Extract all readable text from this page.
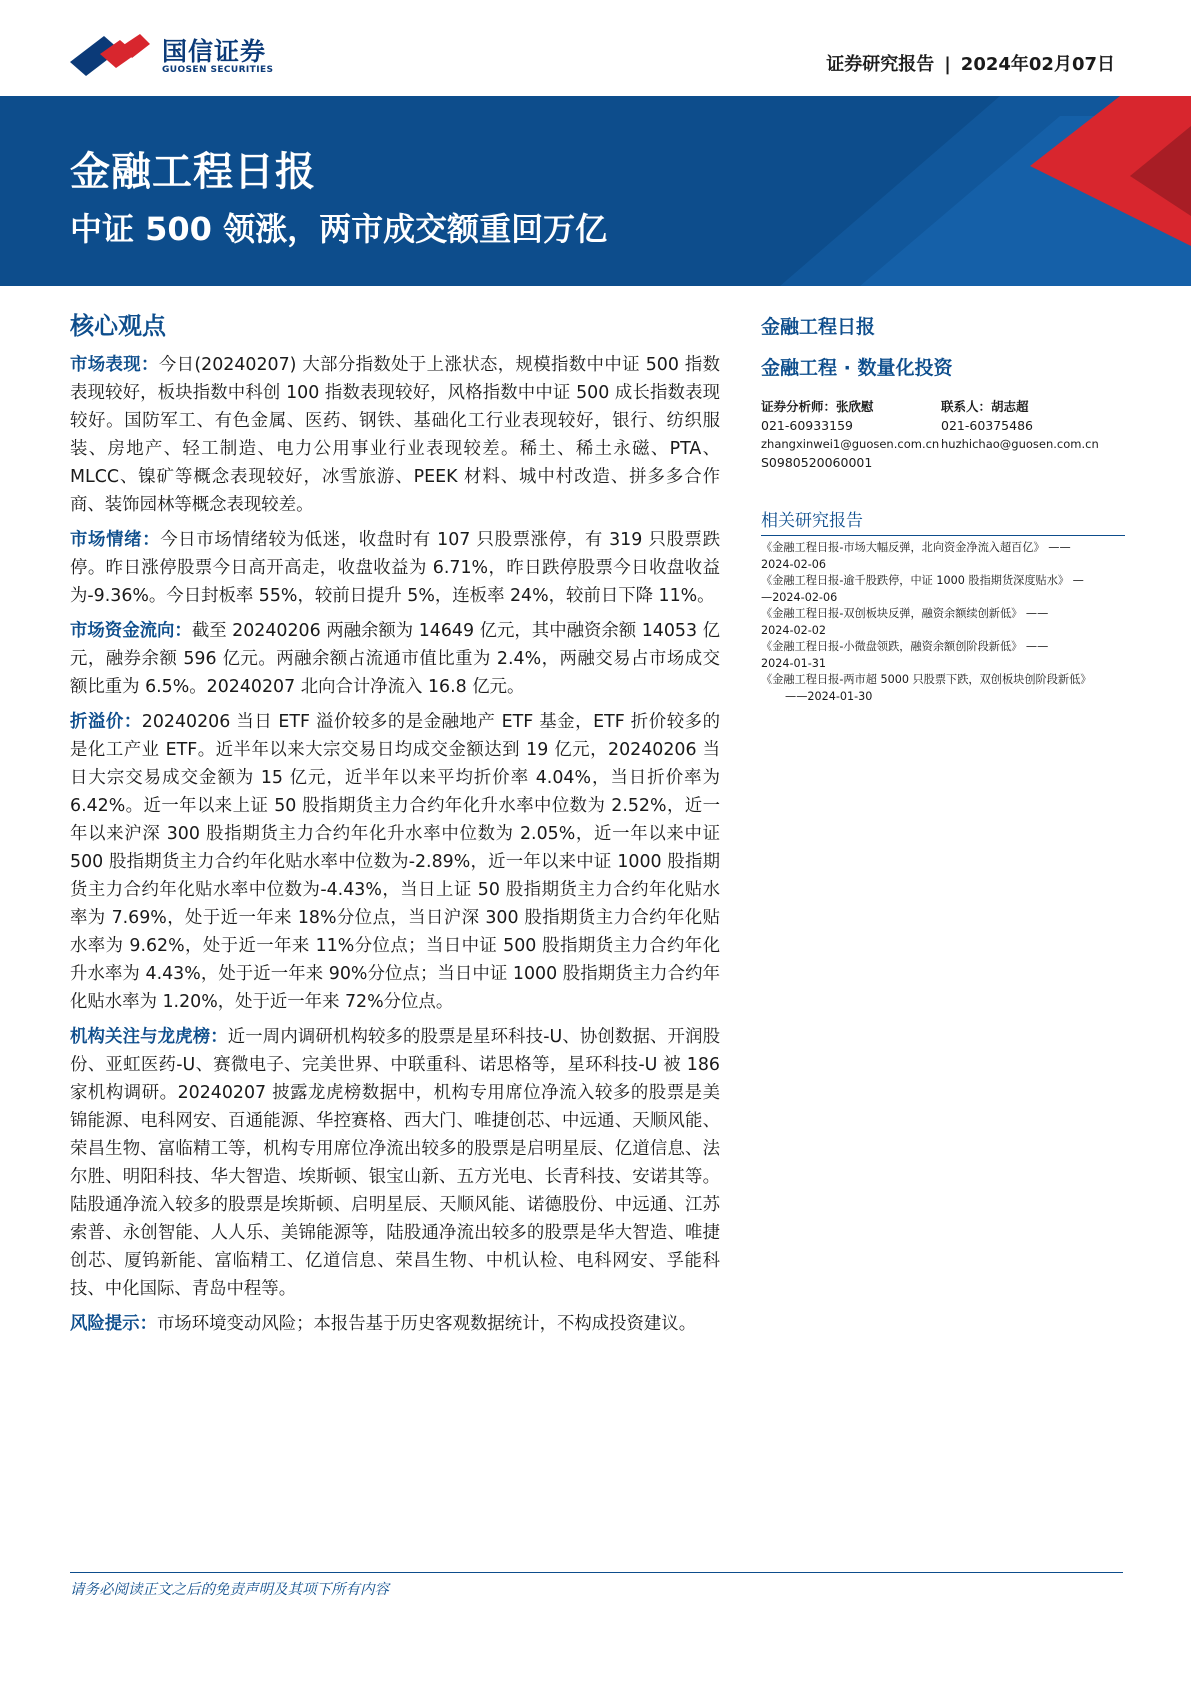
国信证券
GUOSEN SECURITIES	证券研究报告 | 2024年02月07日
金融工程日报
中证 500 领涨，两市成交额重回万亿
核心观点

市场表现：今日(20240207) 大部分指数处于上涨状态，规模指数中中证 500 指数表现较好，板块指数中科创 100 指数表现较好，风格指数中中证 500 成长指数表现较好。国防军工、有色金属、医药、钢铁、基础化工行业表现较好，银行、纺织服装、房地产、轻工制造、电力公用事业行业表现较差。稀土、稀土永磁、PTA、MLCC、镍矿等概念表现较好，冰雪旅游、PEEK 材料、城中村改造、拼多多合作商、装饰园林等概念表现较差。

市场情绪：今日市场情绪较为低迷，收盘时有 107 只股票涨停，有 319 只股票跌停。昨日涨停股票今日高开高走，收盘收益为 6.71%，昨日跌停股票今日收盘收益为-9.36%。今日封板率 55%，较前日提升 5%，连板率 24%，较前日下降 11%。

市场资金流向：截至 20240206 两融余额为 14649 亿元，其中融资余额 14053 亿元，融券余额 596 亿元。两融余额占流通市值比重为 2.4%，两融交易占市场成交额比重为 6.5%。20240207 北向合计净流入 16.8 亿元。

折溢价：20240206 当日 ETF 溢价较多的是金融地产 ETF 基金，ETF 折价较多的是化工产业 ETF。近半年以来大宗交易日均成交金额达到 19 亿元，20240206 当日大宗交易成交金额为 15 亿元，近半年以来平均折价率 4.04%，当日折价率为 6.42%。近一年以来上证 50 股指期货主力合约年化升水率中位数为 2.52%，近一年以来沪深 300 股指期货主力合约年化升水率中位数为 2.05%，近一年以来中证 500 股指期货主力合约年化贴水率中位数为-2.89%，近一年以来中证 1000 股指期货主力合约年化贴水率中位数为-4.43%，当日上证 50 股指期货主力合约年化贴水率为 7.69%，处于近一年来 18%分位点，当日沪深 300 股指期货主力合约年化贴水率为 9.62%，处于近一年来 11%分位点；当日中证 500 股指期货主力合约年化升水率为 4.43%，处于近一年来 90%分位点；当日中证 1000 股指期货主力合约年化贴水率为 1.20%，处于近一年来 72%分位点。

机构关注与龙虎榜：近一周内调研机构较多的股票是星环科技-U、协创数据、开润股份、亚虹医药-U、赛微电子、完美世界、中联重科、诺思格等，星环科技-U 被 186 家机构调研。20240207 披露龙虎榜数据中，机构专用席位净流入较多的股票是美锦能源、电科网安、百通能源、华控赛格、西大门、唯捷创芯、中远通、天顺风能、荣昌生物、富临精工等，机构专用席位净流出较多的股票是启明星辰、亿道信息、法尔胜、明阳科技、华大智造、埃斯顿、银宝山新、五方光电、长青科技、安诺其等。陆股通净流入较多的股票是埃斯顿、启明星辰、天顺风能、诺德股份、中远通、江苏索普、永创智能、人人乐、美锦能源等，陆股通净流出较多的股票是华大智造、唯捷创芯、厦钨新能、富临精工、亿道信息、荣昌生物、中机认检、电科网安、孚能科技、中化国际、青岛中程等。

风险提示：市场环境变动风险；本报告基于历史客观数据统计，不构成投资建议。

金融工程日报
金融工程 · 数量化投资
证券分析师：张欣慰
021-60933159
zhangxinwei1@guosen.com.cn
S0980520060001
联系人：胡志超
021-60375486
huzhichao@guosen.com.cn
相关研究报告
《金融工程日报-市场大幅反弹，北向资金净流入超百亿》 ——
2024-02-06
《金融工程日报-逾千股跌停，中证 1000 股指期货深度贴水》 —
—2024-02-06
《金融工程日报-双创板块反弹，融资余额续创新低》 ——
2024-02-02
《金融工程日报-小微盘领跌，融资余额创阶段新低》 ——
2024-01-31
《金融工程日报-两市超 5000 只股票下跌，双创板块创阶段新低》
——2024-01-30
请务必阅读正文之后的免责声明及其项下所有内容
